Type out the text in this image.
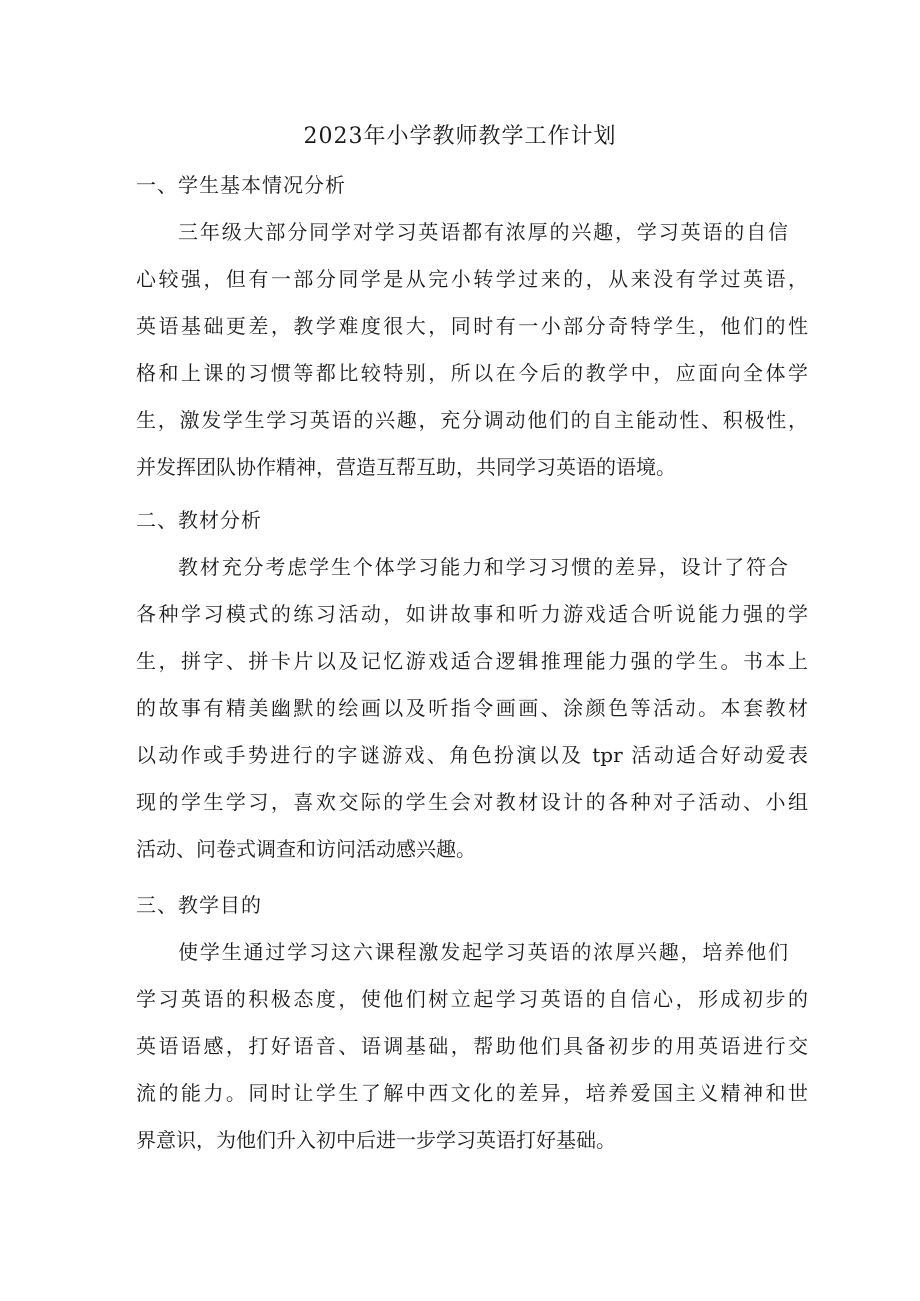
2023年小学教师教学工作计划
一、学生基本情况分析
三年级大部分同学对学习英语都有浓厚的兴趣，学习英语的自信
心较强，但有一部分同学是从完小转学过来的，从来没有学过英语，
英语基础更差，教学难度很大，同时有一小部分奇特学生，他们的性
格和上课的习惯等都比较特别，所以在今后的教学中，应面向全体学
生，激发学生学习英语的兴趣，充分调动他们的自主能动性、积极性，
并发挥团队协作精神，营造互帮互助，共同学习英语的语境。
二、教材分析
教材充分考虑学生个体学习能力和学习习惯的差异，设计了符合
各种学习模式的练习活动，如讲故事和听力游戏适合听说能力强的学
生，拼字、拼卡片以及记忆游戏适合逻辑推理能力强的学生。书本上
的故事有精美幽默的绘画以及听指令画画、涂颜色等活动。本套教材
以动作或手势进行的字谜游戏、角色扮演以及 tpr 活动适合好动爱表
现的学生学习，喜欢交际的学生会对教材设计的各种对子活动、小组
活动、问卷式调查和访问活动感兴趣。
三、教学目的
使学生通过学习这六课程激发起学习英语的浓厚兴趣，培养他们
学习英语的积极态度，使他们树立起学习英语的自信心，形成初步的
英语语感，打好语音、语调基础，帮助他们具备初步的用英语进行交
流的能力。同时让学生了解中西文化的差异，培养爱国主义精神和世
界意识，为他们升入初中后进一步学习英语打好基础。
